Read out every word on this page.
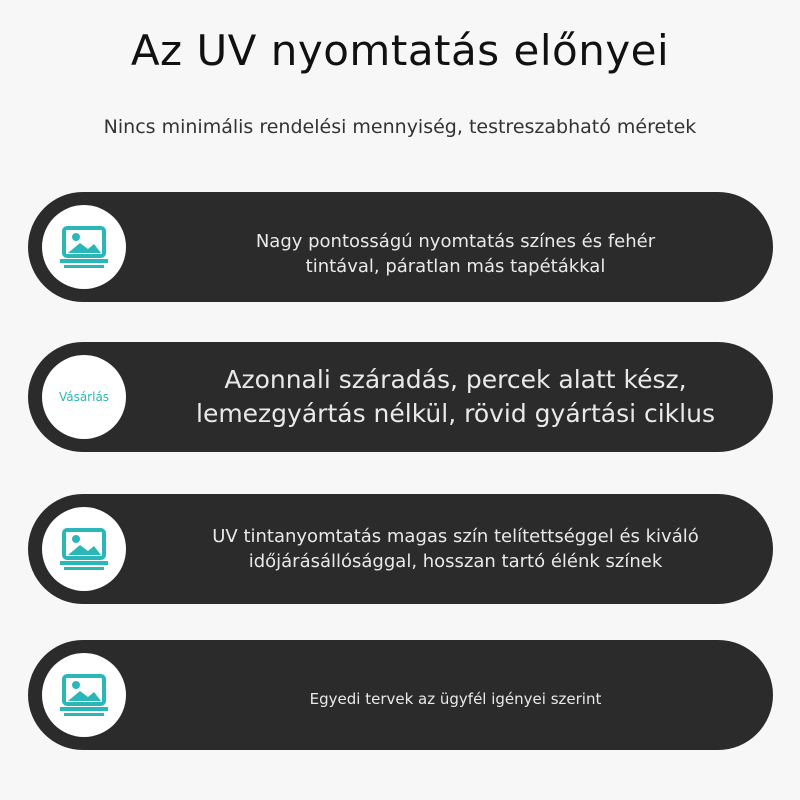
Az UV nyomtatás előnyei
Nincs minimális rendelési mennyiség, testreszabható méretek
Nagy pontosságú nyomtatás színes és fehér
tintával, páratlan más tapétákkal
Vásárlás
Azonnali száradás, percek alatt kész,
lemezgyártás nélkül, rövid gyártási ciklus
UV tintanyomtatás magas szín telítettséggel és kiváló
időjárásállósággal, hosszan tartó élénk színek
Egyedi tervek az ügyfél igényei szerint
